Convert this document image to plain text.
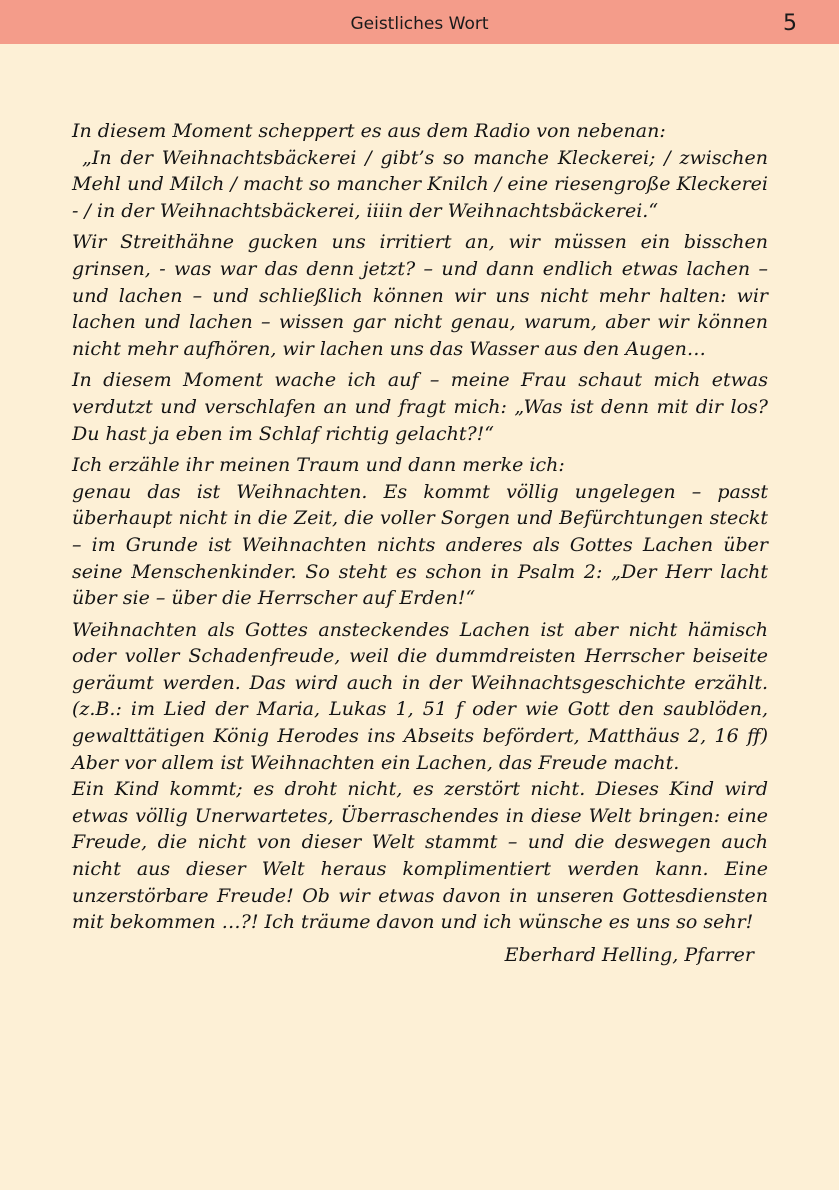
Geistliches Wort	5

In diesem Moment scheppert es aus dem Radio von nebenan:

„In der Weihnachtsbäckerei / gibt’s so manche Kleckerei; / zwischen Mehl und Milch / macht so mancher Knilch / eine riesengroße Kleckerei - / in der Weihnachtsbäckerei, iiiin der Weihnachtsbäckerei.“

Wir Streithähne gucken uns irritiert an, wir müssen ein bisschen grinsen, - was war das denn jetzt? – und dann endlich etwas lachen – und lachen – und schließlich können wir uns nicht mehr halten: wir lachen und lachen – wissen gar nicht genau, warum, aber wir können nicht mehr aufhören, wir lachen uns das Wasser aus den Augen…

In diesem Moment wache ich auf – meine Frau schaut mich etwas verdutzt und verschlafen an und fragt mich: „Was ist denn mit dir los? Du hast ja eben im Schlaf richtig gelacht?!“

Ich erzähle ihr meinen Traum und dann merke ich:

genau das ist Weihnachten. Es kommt völlig ungelegen – passt überhaupt nicht in die Zeit, die voller Sorgen und Befürchtungen steckt – im Grunde ist Weihnachten nichts anderes als Gottes Lachen über seine Menschenkinder. So steht es schon in Psalm 2: „Der Herr lacht über sie – über die Herrscher auf Erden!“

Weihnachten als Gottes ansteckendes Lachen ist aber nicht hämisch oder voller Schadenfreude, weil die dummdreisten Herrscher beiseite geräumt werden. Das wird auch in der Weihnachtsgeschichte erzählt. (z.B.: im Lied der Maria, Lukas 1, 51 f oder wie Gott den saublöden, gewalttätigen König Herodes ins Abseits befördert, Matthäus 2, 16 ff) Aber vor allem ist Weihnachten ein Lachen, das Freude macht.

Ein Kind kommt; es droht nicht, es zerstört nicht. Dieses Kind wird etwas völlig Unerwartetes, Überraschendes in diese Welt bringen: eine Freude, die nicht von dieser Welt stammt – und die deswegen auch nicht aus dieser Welt heraus komplimentiert werden kann. Eine unzerstörbare Freude! Ob wir etwas davon in unseren Gottesdiensten mit bekommen …?! Ich träume davon und ich wünsche es uns so sehr!

Eberhard Helling, Pfarrer
